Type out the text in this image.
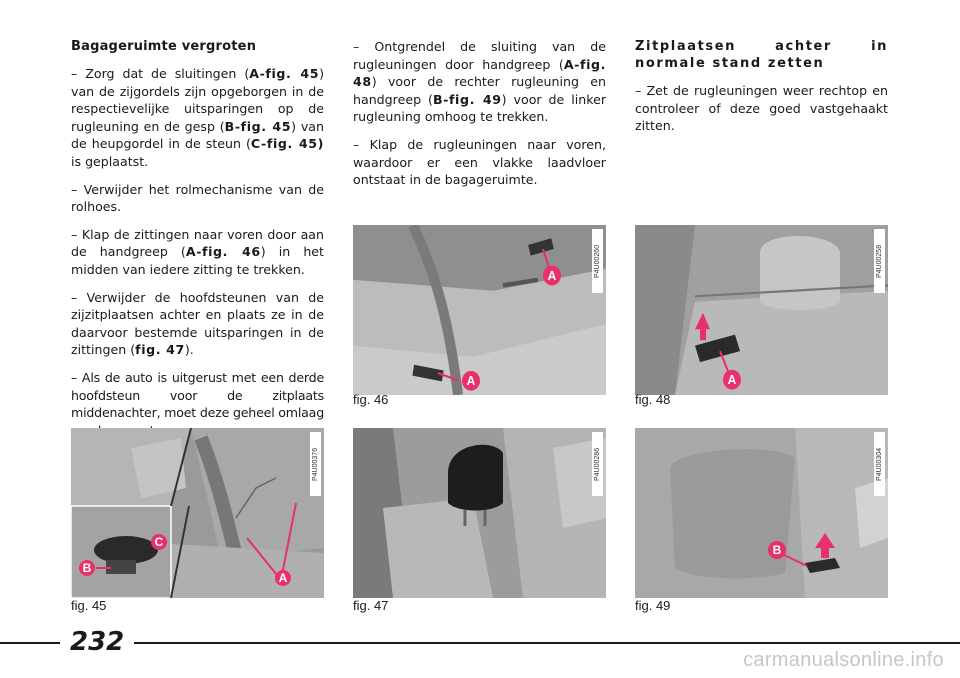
Bagageruimte vergroten

– Zorg dat de sluitingen (A-fig. 45) van de zijgordels zijn opgeborgen in de respectievelijke uitsparingen op de rugleuning en de gesp (B-fig. 45) van de heupgordel in de steun (C-fig. 45) is geplaatst.

– Verwijder het rolmechanisme van de rolhoes.

– Klap de zittingen naar voren door aan de handgreep (A-fig. 46) in het midden van iedere zitting te trekken.

– Verwijder de hoofdsteunen van de zijzitplaatsen achter en plaats ze in de daarvoor bestemde uitsparingen in de zittingen (fig. 47).

– Als de auto is uitgerust met een derde hoofdsteun voor de zitplaats middenachter, moet deze geheel omlaag

– Ontgrendel de sluiting van de rugleuningen door handgreep (A-fig. 48) voor de rechter rugleuning en handgreep (B-fig. 49) voor de linker rugleuning omhoog te trekken.

– Klap de rugleuningen naar voren, waardoor er een vlakke laadvloer ontstaat in de bagageruimte.

Zitplaatsen achter in normale stand zetten

– Zet de rugleuningen weer rechtop en controleer of deze goed vastgehaakt zitten.

C
B
A
P4U00376
fig. 45
A
A
P4U00260
fig. 46
P4U00286
fig. 47
A
P4U00258
fig. 48
B
P4U00304
fig. 49
232
carmanualsonline.info
